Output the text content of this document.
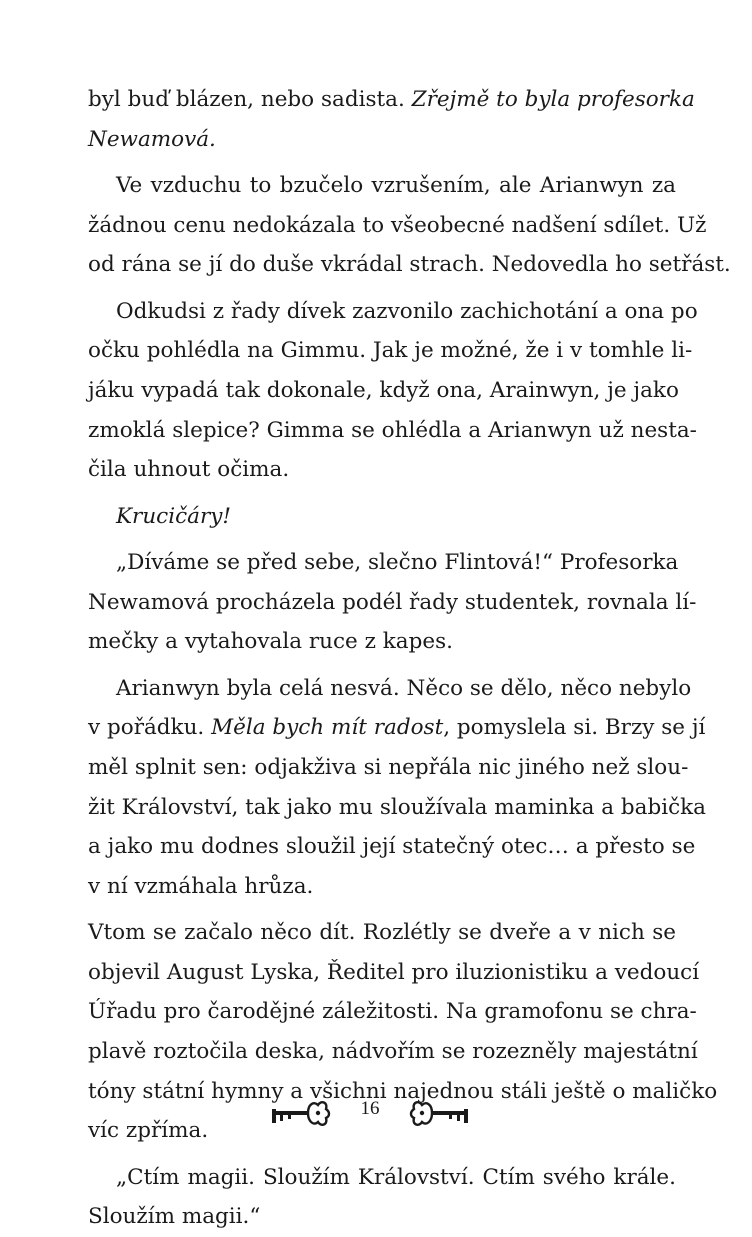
byl buď blázen, nebo sadista. Zřejmě to byla profesorka
Newamová.
Ve vzduchu to bzučelo vzrušením, ale Arianwyn za
žádnou cenu nedokázala to všeobecné nadšení sdílet. Už
od rána se jí do duše vkrádal strach. Nedovedla ho setřást.
Odkudsi z řady dívek zazvonilo zachichotání a ona po
očku pohlédla na Gimmu. Jak je možné, že i v tomhle li-
jáku vypadá tak dokonale, když ona, Arainwyn, je jako
zmoklá slepice? Gimma se ohlédla a Arianwyn už nesta-
čila uhnout očima.
Krucičáry!
„Díváme se před sebe, slečno Flintová!“ Profesorka
Newamová procházela podél řady studentek, rovnala lí-
mečky a vytahovala ruce z kapes.
Arianwyn byla celá nesvá. Něco se dělo, něco nebylo
v pořádku. Měla bych mít radost, pomyslela si. Brzy se jí
měl splnit sen: odjakživa si nepřála nic jiného než slou-
žit Království, tak jako mu sloužívala maminka a babička
a jako mu dodnes sloužil její statečný otec… a přesto se
v ní vzmáhala hrůza.
Vtom se začalo něco dít. Rozlétly se dveře a v nich se
objevil August Lyska, Ředitel pro iluzionistiku a vedoucí
Úřadu pro čarodějné záležitosti. Na gramofonu se chra-
plavě roztočila deska, nádvořím se rozezněly majestátní
tóny státní hymny a všichni najednou stáli ještě o maličko
víc zpříma.
„Ctím magii. Sloužím Království. Ctím svého krále.
Sloužím magii.“
16
